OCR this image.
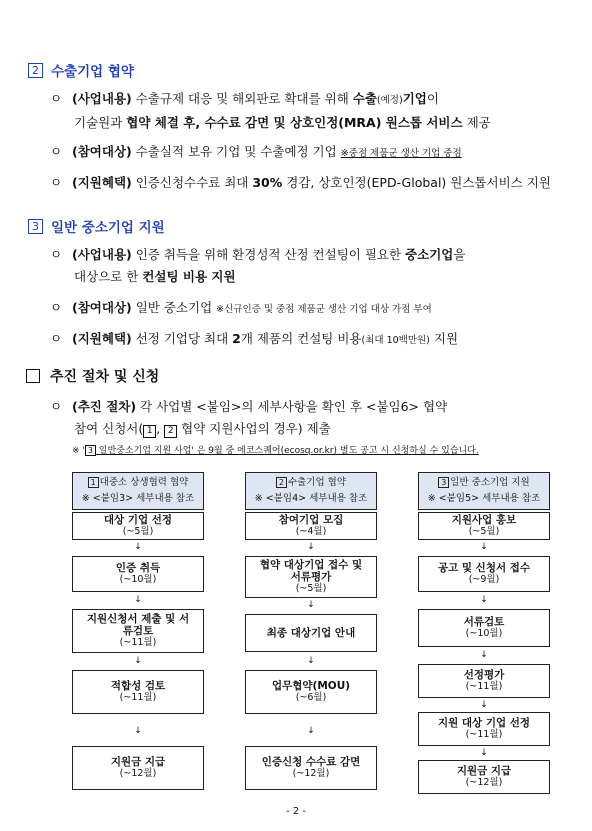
2 수출기업 협약
ㅇ (사업내용) 수출규제 대응 및 해외판로 확대를 위해 수출(예정)기업이
기술원과 협약 체결 후, 수수료 감면 및 상호인정(MRA) 원스톱 서비스 제공
ㅇ (참여대상) 수출실적 보유 기업 및 수출예정 기업 ※중점 제품군 생산 기업 중점
ㅇ (지원혜택) 인증신청수수료 최대 30% 경감, 상호인정(EPD-Global) 원스톱서비스 지원
3 일반 중소기업 지원
ㅇ (사업내용) 인증 취득을 위해 환경성적 산정 컨설팅이 필요한 중소기업을
대상으로 한 컨설팅 비용 지원
ㅇ (참여대상) 일반 중소기업 ※신규인증 및 중점 제품군 생산 기업 대상 가점 부여
ㅇ (지원혜택) 선정 기업당 최대 2개 제품의 컨설팅 비용(최대 10백만원) 지원
추진 절차 및 신청
ㅇ (추진 절차) 각 사업별 <붙임>의 세부사항을 확인 후 <붙임6> 협약
참여 신청서( 1 , 2 협약 지원사업의 경우) 제출
※ ' 3 일반중소기업 지원 사업' 은 9월 중 에코스퀘어(ecosq.or.kr) 별도 공고 시 신청하실 수 있습니다.
1 대중소 상생협력 협약
※ <붙임3> 세부내용 참조
대상 기업 선정
(~5월)
↓
인증 취득
(~10월)
↓
지원신청서 제출 및 서류검토
(~11월)
↓
적합성 검토
(~11월)
↓
지원금 지급
(~12월)
2 수출기업 협약
※ <붙임4> 세부내용 참조
참여기업 모집
(~4월)
↓
협약 대상기업 접수 및 서류평가
(~5월)
↓
최종 대상기업 안내
↓
업무협약(MOU)
(~6월)
↓
인증신청 수수료 감면
(~12월)
3 일반 중소기업 지원
※ <붙임5> 세부내용 참조
지원사업 홍보
(~5월)
↓
공고 및 신청서 접수
(~9월)
↓
서류검토
(~10월)
↓
선정평가
(~11월)
↓
지원 대상 기업 선정
(~11월)
↓
지원금 지급
(~12월)
- 2 -
